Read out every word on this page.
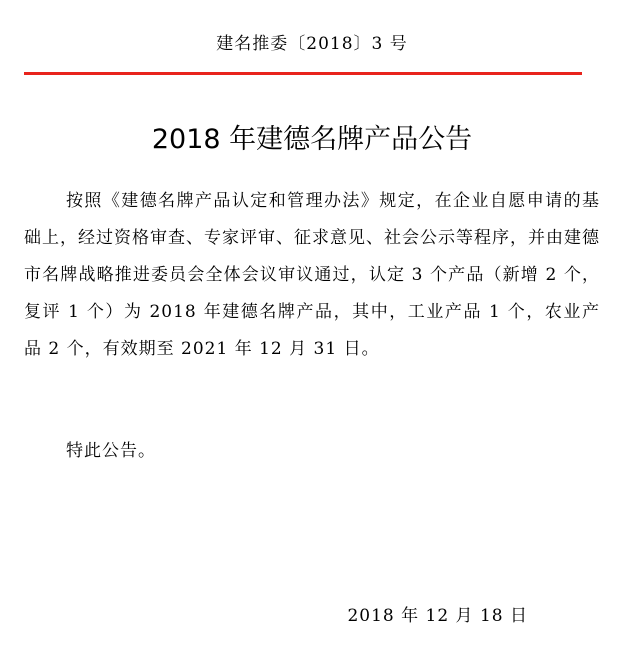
建名推委〔2018〕3 号
2018 年建德名牌产品公告

按照《建德名牌产品认定和管理办法》规定，在企业自愿申请的基础上，经过资格审查、专家评审、征求意见、社会公示等程序，并由建德市名牌战略推进委员会全体会议审议通过，认定 3 个产品（新增 2 个，复评 1 个）为 2018 年建德名牌产品，其中，工业产品 1 个，农业产品 2 个，有效期至 2021 年 12 月 31 日。

特此公告。
2018 年 12 月 18 日
